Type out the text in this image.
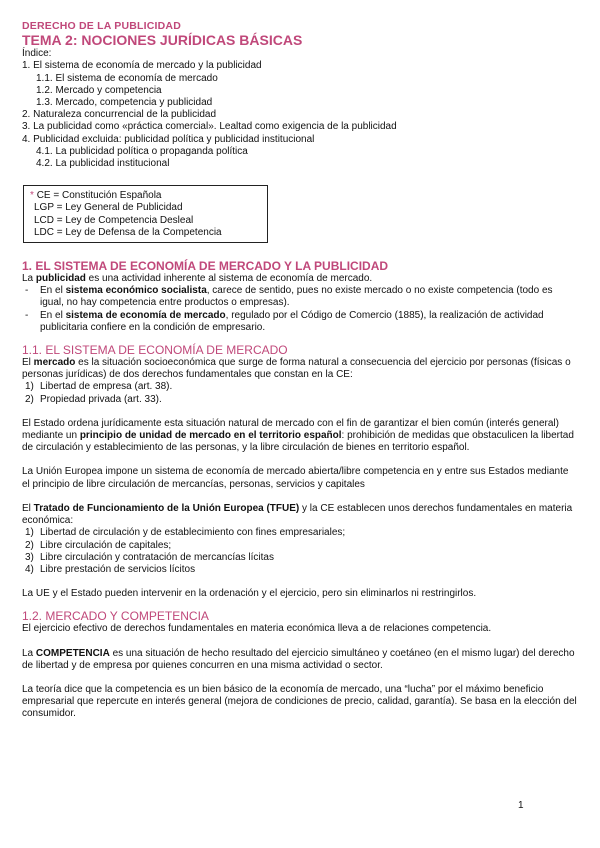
DERECHO DE LA PUBLICIDAD
TEMA 2: NOCIONES JURÍDICAS BÁSICAS
Índice:
1. El sistema de economía de mercado y la publicidad
1.1. El sistema de economía de mercado
1.2. Mercado y competencia
1.3. Mercado, competencia y publicidad
2. Naturaleza concurrencial de la publicidad
3. La publicidad como «práctica comercial». Lealtad como exigencia de la publicidad
4. Publicidad excluida: publicidad política y publicidad institucional
4.1. La publicidad política o propaganda política
4.2. La publicidad institucional
* CE = Constitución Española
LGP = Ley General de Publicidad
LCD = Ley de Competencia Desleal
LDC = Ley de Defensa de la Competencia
1. EL SISTEMA DE ECONOMÍA DE MERCADO Y LA PUBLICIDAD

La publicidad es una actividad inherente al sistema de economía de mercado.

-	En el sistema económico socialista, carece de sentido, pues no existe mercado o no existe competencia (todo es igual, no hay competencia entre productos o empresas).
-	En el sistema de economía de mercado, regulado por el Código de Comercio (1885), la realización de actividad publicitaria confiere en la condición de empresario.
1.1. EL SISTEMA DE ECONOMÍA DE MERCADO

El mercado es la situación socioeconómica que surge de forma natural a consecuencia del ejercicio por personas (físicas o personas jurídicas) de dos derechos fundamentales que constan en la CE:

1) Libertad de empresa (art. 38).
2) Propiedad privada (art. 33).

El Estado ordena jurídicamente esta situación natural de mercado con el fin de garantizar el bien común (interés general) mediante un principio de unidad de mercado en el territorio español: prohibición de medidas que obstaculicen la libertad de circulación y establecimiento de las personas, y la libre circulación de bienes en territorio español.

La Unión Europea impone un sistema de economía de mercado abierta/libre competencia en y entre sus Estados mediante el principio de libre circulación de mercancías, personas, servicios y capitales

El Tratado de Funcionamiento de la Unión Europea (TFUE) y la CE establecen unos derechos fundamentales en materia económica:

1) Libertad de circulación y de establecimiento con fines empresariales;
2) Libre circulación de capitales;
3) Libre circulación y contratación de mercancías lícitas
4) Libre prestación de servicios lícitos

La UE y el Estado pueden intervenir en la ordenación y el ejercicio, pero sin eliminarlos ni restringirlos.

1.2. MERCADO Y COMPETENCIA

El ejercicio efectivo de derechos fundamentales en materia económica lleva a de relaciones competencia.

La COMPETENCIA es una situación de hecho resultado del ejercicio simultáneo y coetáneo (en el mismo lugar) del derecho de libertad y de empresa por quienes concurren en una misma actividad o sector.

La teoría dice que la competencia es un bien básico de la economía de mercado, una “lucha” por el máximo beneficio empresarial que repercute en interés general (mejora de condiciones de precio, calidad, garantía). Se basa en la elección del consumidor.

1
